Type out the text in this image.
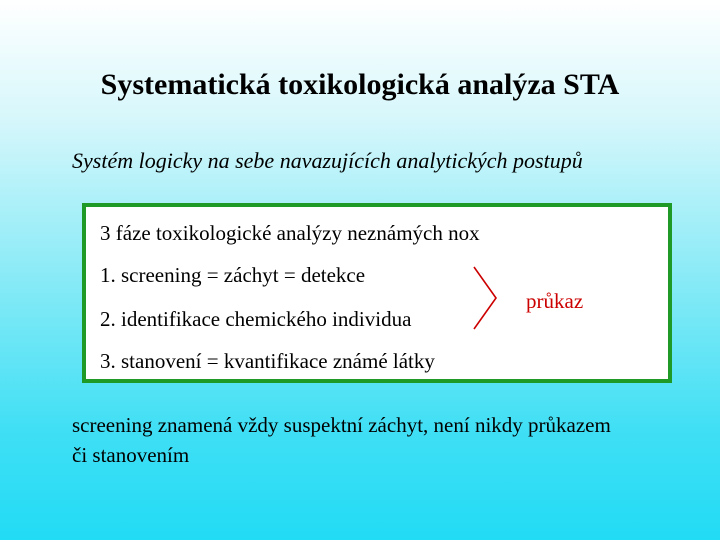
Systematická toxikologická analýza STA

Systém logicky na sebe navazujících analytických postupů

3 fáze toxikologické analýzy neznámých nox
1. screening = záchyt = detekce
2. identifikace chemického individua
3. stanovení = kvantifikace známé látky
průkaz

screening znamená vždy suspektní záchyt, není nikdy průkazem
či stanovením
